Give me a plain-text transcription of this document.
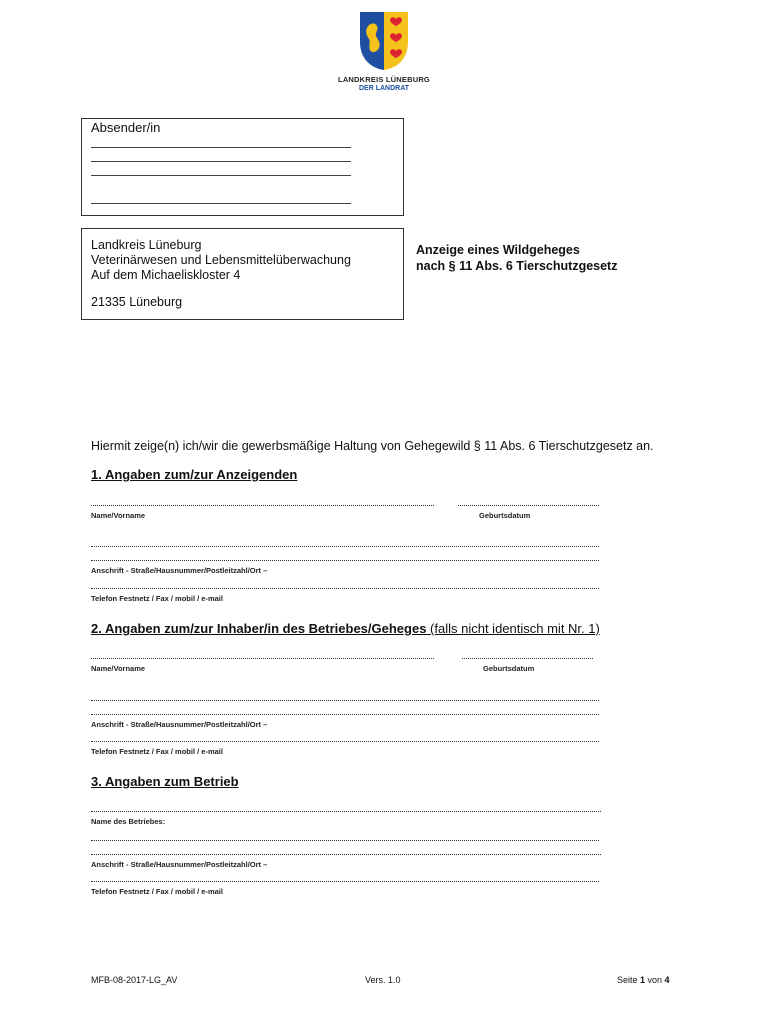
LANDKREIS LÜNEBURG
DER LANDRAT
Absender/in
Landkreis Lüneburg
Veterinärwesen und Lebensmittelüberwachung
Auf dem Michaeliskloster 4
21335 Lüneburg
Anzeige eines Wildgeheges
nach § 11 Abs. 6 Tierschutzgesetz
Hiermit zeige(n) ich/wir die gewerbsmäßige Haltung von Gehegewild § 11 Abs. 6 Tierschutzgesetz an.
1. Angaben zum/zur Anzeigenden
Name/Vorname	Geburtsdatum
Anschrift - Straße/Hausnummer/Postleitzahl/Ort –
Telefon Festnetz / Fax / mobil / e-mail
2. Angaben zum/zur Inhaber/in des Betriebes/Geheges (falls nicht identisch mit Nr. 1)
Name/Vorname	Geburtsdatum
Anschrift - Straße/Hausnummer/Postleitzahl/Ort –
Telefon Festnetz / Fax / mobil / e-mail
3. Angaben zum Betrieb
Name des Betriebes:
Anschrift - Straße/Hausnummer/Postleitzahl/Ort –
Telefon Festnetz / Fax / mobil / e-mail
MFB-08-2017-LG_AV	Vers. 1.0	Seite 1 von 4
